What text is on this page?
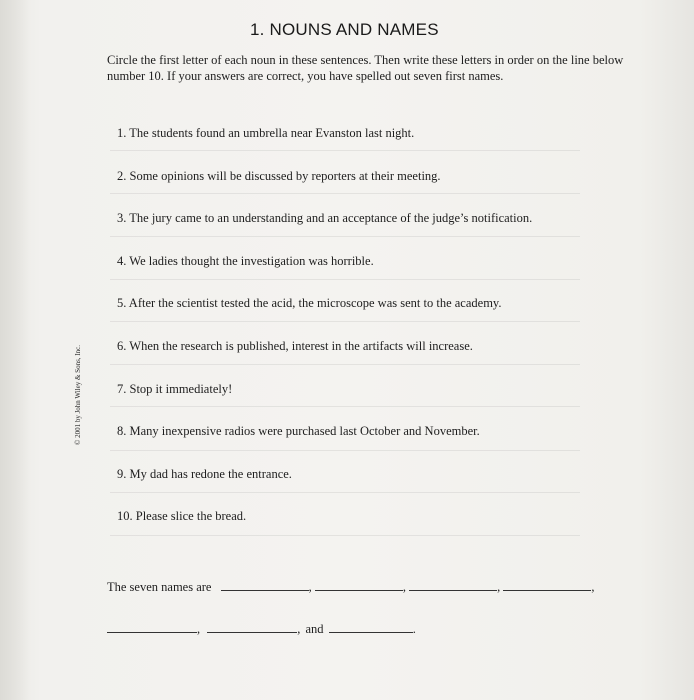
1. NOUNS AND NAMES
Circle the first letter of each noun in these sentences. Then write these letters in order on the line below number 10. If your answers are correct, you have spelled out seven first names.
1. The students found an umbrella near Evanston last night.
2. Some opinions will be discussed by reporters at their meeting.
3. The jury came to an understanding and an acceptance of the judge’s notification.
4. We ladies thought the investigation was horrible.
5. After the scientist tested the acid, the microscope was sent to the academy.
6. When the research is published, interest in the artifacts will increase.
7. Stop it immediately!
8. Many inexpensive radios were purchased last October and November.
9. My dad has redone the entrance.
10. Please slice the bread.
© 2001 by John Wiley & Sons, Inc.
The seven names are	,	,	,	,
,	, and	.
